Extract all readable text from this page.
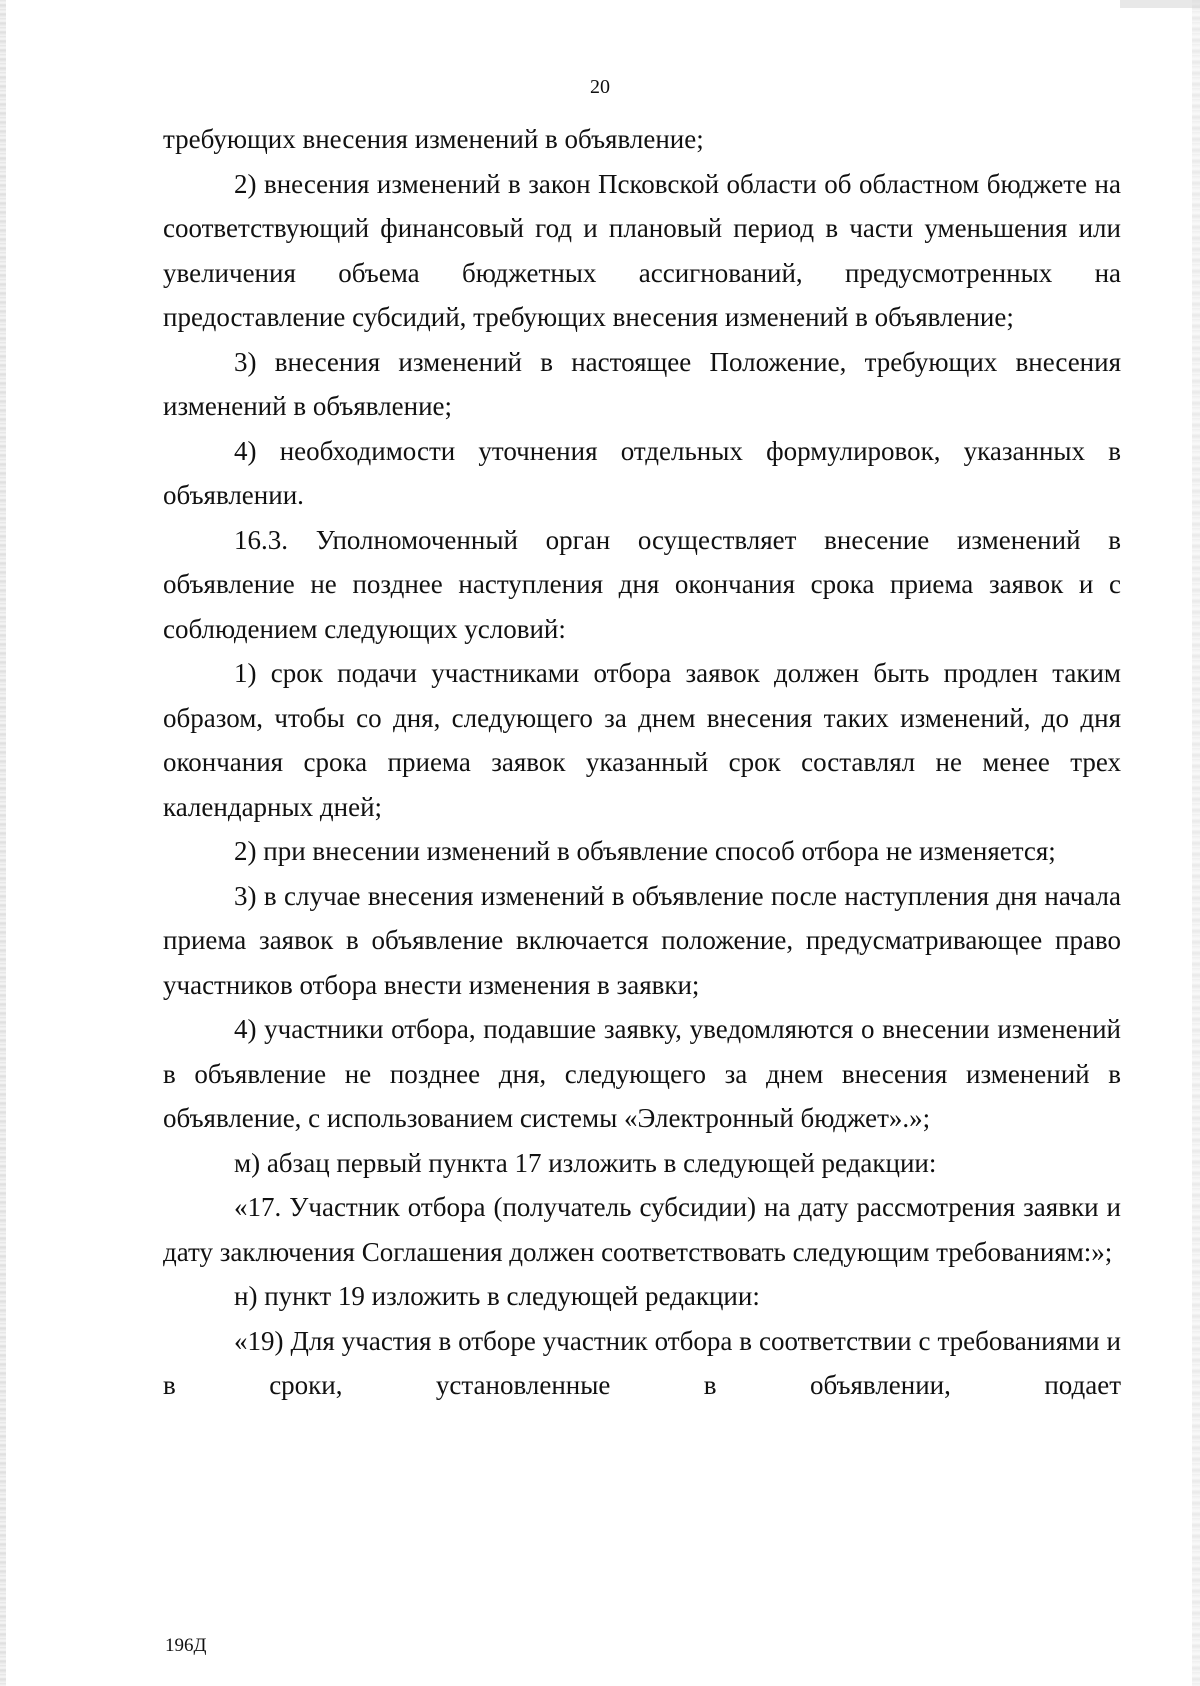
20

требующих внесения изменений в объявление;

2) внесения изменений в закон Псковской области об областном бюджете на соответствующий финансовый год и плановый период в части уменьшения или увеличения объема бюджетных ассигнований, предусмотренных на предоставление субсидий, требующих внесения изменений в объявление;

3) внесения изменений в настоящее Положение, требующих внесения изменений в объявление;

4) необходимости уточнения отдельных формулировок, указанных в объявлении.

16.3. Уполномоченный орган осуществляет внесение изменений в объявление не позднее наступления дня окончания срока приема заявок и с соблюдением следующих условий:

1) срок подачи участниками отбора заявок должен быть продлен таким образом, чтобы со дня, следующего за днем внесения таких изменений, до дня окончания срока приема заявок указанный срок составлял не менее трех календарных дней;

2) при внесении изменений в объявление способ отбора не изменяется;

3) в случае внесения изменений в объявление после наступления дня начала приема заявок в объявление включается положение, предусматривающее право участников отбора внести изменения в заявки;

4) участники отбора, подавшие заявку, уведомляются о внесении изменений в объявление не позднее дня, следующего за днем внесения изменений в объявление, с использованием системы «Электронный бюджет».»;

м) абзац первый пункта 17 изложить в следующей редакции:

«17. Участник отбора (получатель субсидии) на дату рассмотрения заявки и дату заключения Соглашения должен соответствовать следующим требованиям:»;

н) пункт 19 изложить в следующей редакции:

«19) Для участия в отборе участник отбора в соответствии с требованиями и в сроки, установленные в объявлении, подает

196Д
